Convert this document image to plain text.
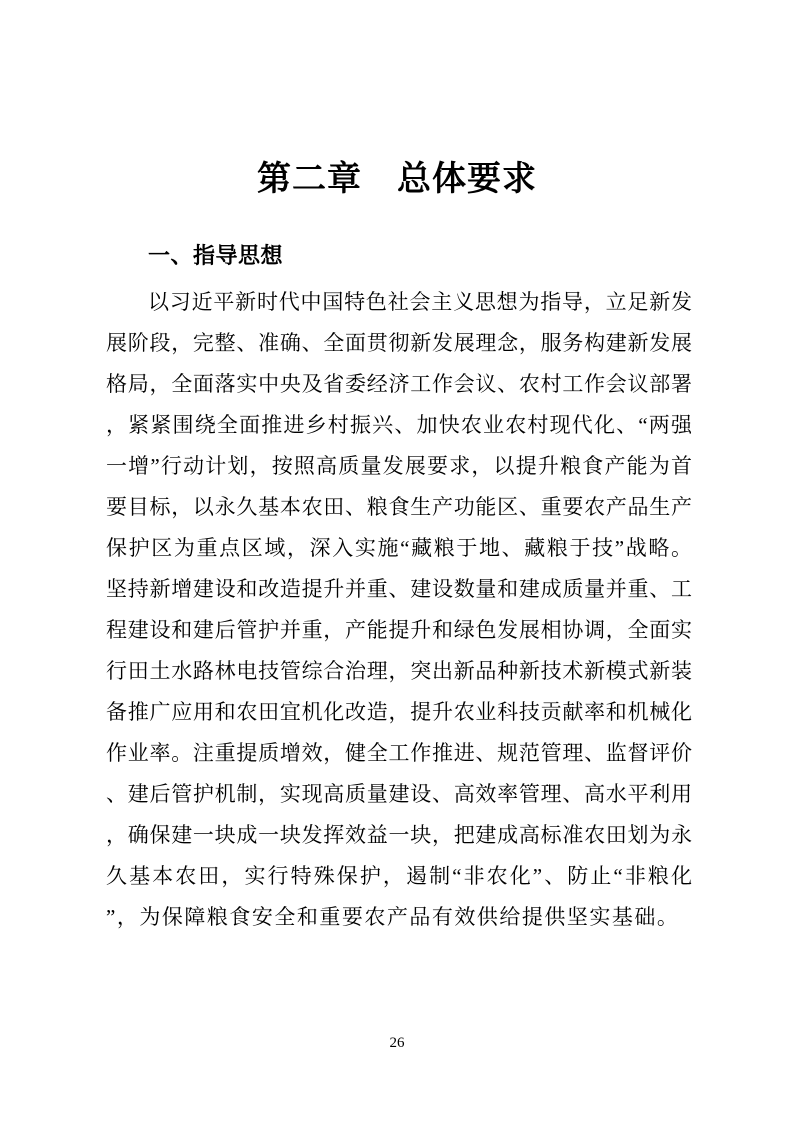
第二章　总体要求
一、指导思想
以习近平新时代中国特色社会主义思想为指导，立足新发
展阶段，完整、准确、全面贯彻新发展理念，服务构建新发展
格局，全面落实中央及省委经济工作会议、农村工作会议部署
，紧紧围绕全面推进乡村振兴、加快农业农村现代化、“两强
一增”行动计划，按照高质量发展要求，以提升粮食产能为首
要目标，以永久基本农田、粮食生产功能区、重要农产品生产
保护区为重点区域，深入实施“藏粮于地、藏粮于技”战略。
坚持新增建设和改造提升并重、建设数量和建成质量并重、工
程建设和建后管护并重，产能提升和绿色发展相协调，全面实
行田土水路林电技管综合治理，突出新品种新技术新模式新装
备推广应用和农田宜机化改造，提升农业科技贡献率和机械化
作业率。注重提质增效，健全工作推进、规范管理、监督评价
、建后管护机制，实现高质量建设、高效率管理、高水平利用
，确保建一块成一块发挥效益一块，把建成高标准农田划为永
久基本农田，实行特殊保护，遏制“非农化”、防止“非粮化
”，为保障粮食安全和重要农产品有效供给提供坚实基础。
26
